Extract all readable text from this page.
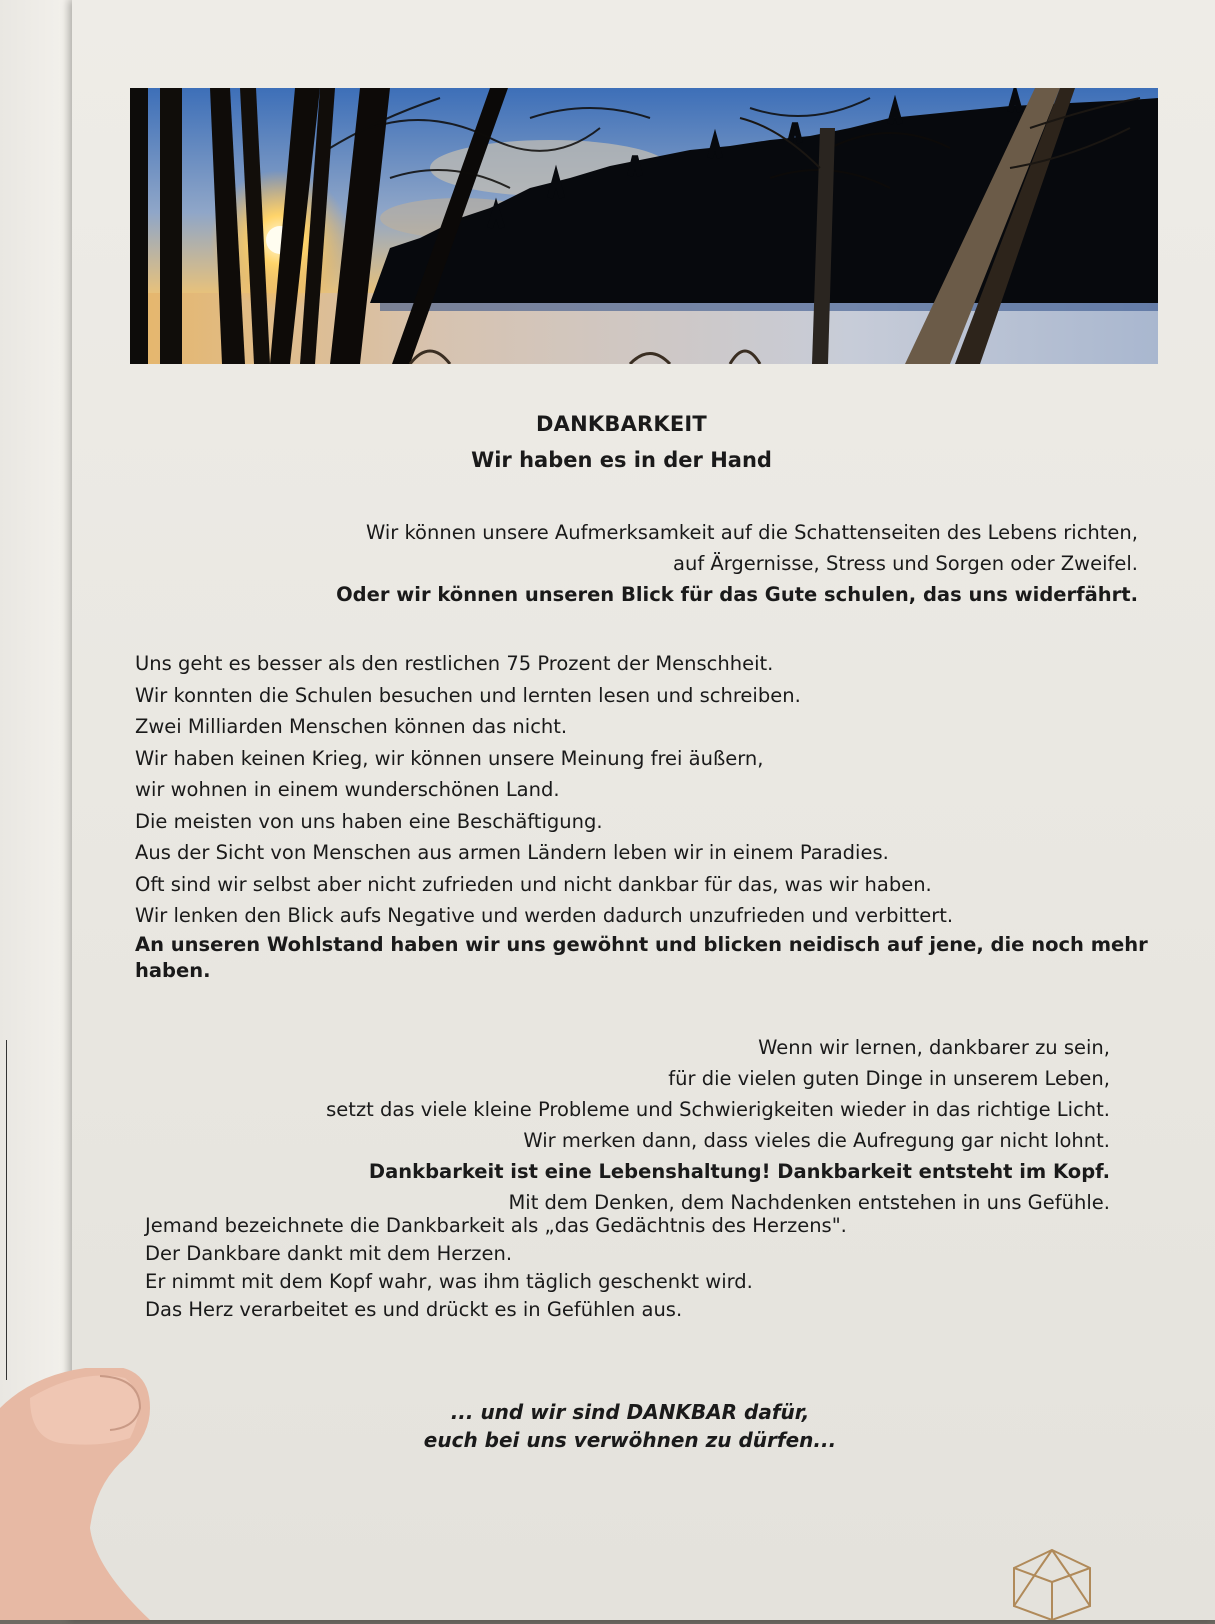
DANKBARKEIT
Wir haben es in der Hand
Wir können unsere Aufmerksamkeit auf die Schattenseiten des Lebens richten,
auf Ärgernisse, Stress und Sorgen oder Zweifel.
Oder wir können unseren Blick für das Gute schulen, das uns widerfährt.
Uns geht es besser als den restlichen 75 Prozent der Menschheit.
Wir konnten die Schulen besuchen und lernten lesen und schreiben.
Zwei Milliarden Menschen können das nicht.
Wir haben keinen Krieg, wir können unsere Meinung frei äußern,
wir wohnen in einem wunderschönen Land.
Die meisten von uns haben eine Beschäftigung.
Aus der Sicht von Menschen aus armen Ländern leben wir in einem Paradies.
Oft sind wir selbst aber nicht zufrieden und nicht dankbar für das, was wir haben.
Wir lenken den Blick aufs Negative und werden dadurch unzufrieden und verbittert.
An unseren Wohlstand haben wir uns gewöhnt und blicken neidisch auf jene, die noch mehr
haben.
Wenn wir lernen, dankbarer zu sein,
für die vielen guten Dinge in unserem Leben,
setzt das viele kleine Probleme und Schwierigkeiten wieder in das richtige Licht.
Wir merken dann, dass vieles die Aufregung gar nicht lohnt.
Dankbarkeit ist eine Lebenshaltung! Dankbarkeit entsteht im Kopf.
Mit dem Denken, dem Nachdenken entstehen in uns Gefühle.
Jemand bezeichnete die Dankbarkeit als „das Gedächtnis des Herzens".
Der Dankbare dankt mit dem Herzen.
Er nimmt mit dem Kopf wahr, was ihm täglich geschenkt wird.
Das Herz verarbeitet es und drückt es in Gefühlen aus.
... und wir sind DANKBAR dafür,
euch bei uns verwöhnen zu dürfen...
